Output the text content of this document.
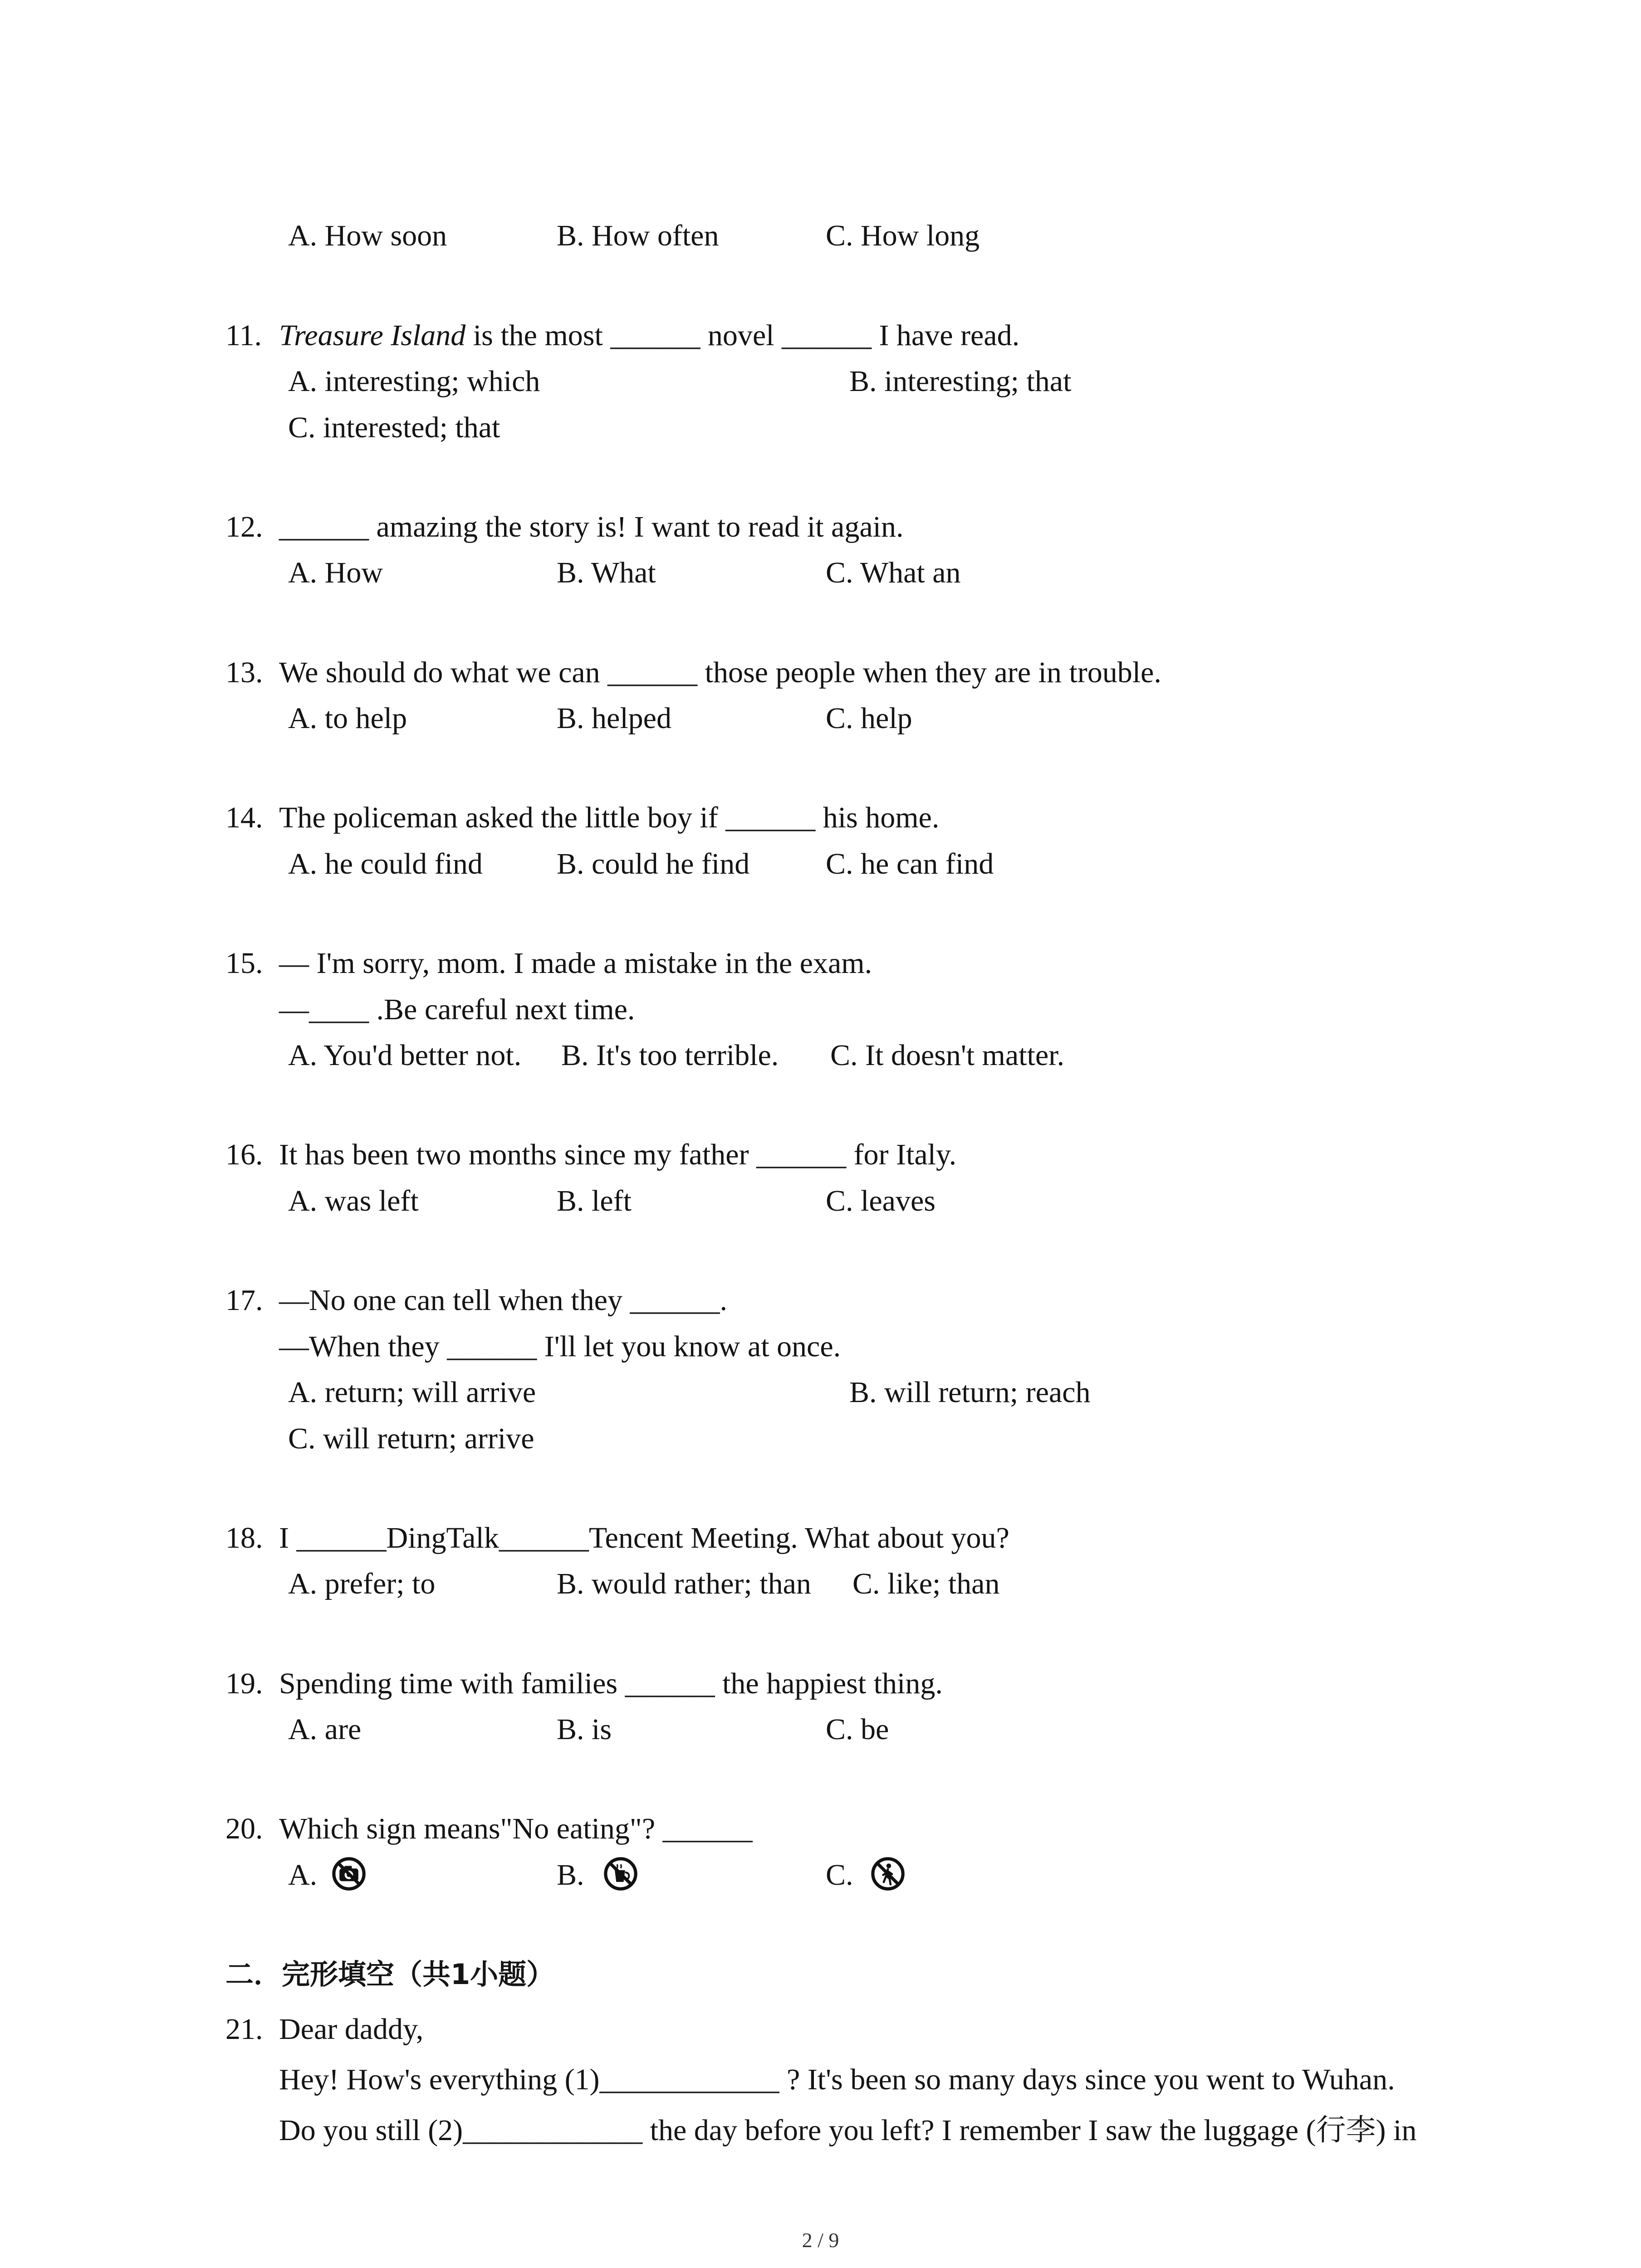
A. How soon	B. How often	C. How long
11. Treasure Island is the most ______ novel ______ I have read.
A. interesting; which	B. interesting; that
C. interested; that
12. ______ amazing the story is! I want to read it again.
A. How	B. What	C. What an
13. We should do what we can ______ those people when they are in trouble.
A. to help	B. helped	C. help
14. The policeman asked the little boy if ______ his home.
A. he could find B. could he find	C. he can find
15. — I'm sorry, mom. I made a mistake in the exam.
—____ .Be careful next time.
A. You'd better not. B. It's too terrible. C. It doesn't matter.
16. It has been two months since my father ______ for Italy.
A. was left	B. left	C. leaves
17. —No one can tell when they ______.
—When they ______ I'll let you know at once.
A. return; will arrive	B. will return; reach
C. will return; arrive
18. I ______DingTalk______Tencent Meeting. What about you?
A. prefer; to	B. would rather; than C. like; than
19. Spending time with families ______ the happiest thing.
A. are	B. is	C. be
20. Which sign means"No eating"? ______
A.	B.	C.
二．完形填空（共1小题）
21. Dear daddy,
Hey! How's everything (1)____________ ? It's been so many days since you went to Wuhan.
Do you still (2)____________ the day before you left? I remember I saw the luggage (行李) in
2 / 9
